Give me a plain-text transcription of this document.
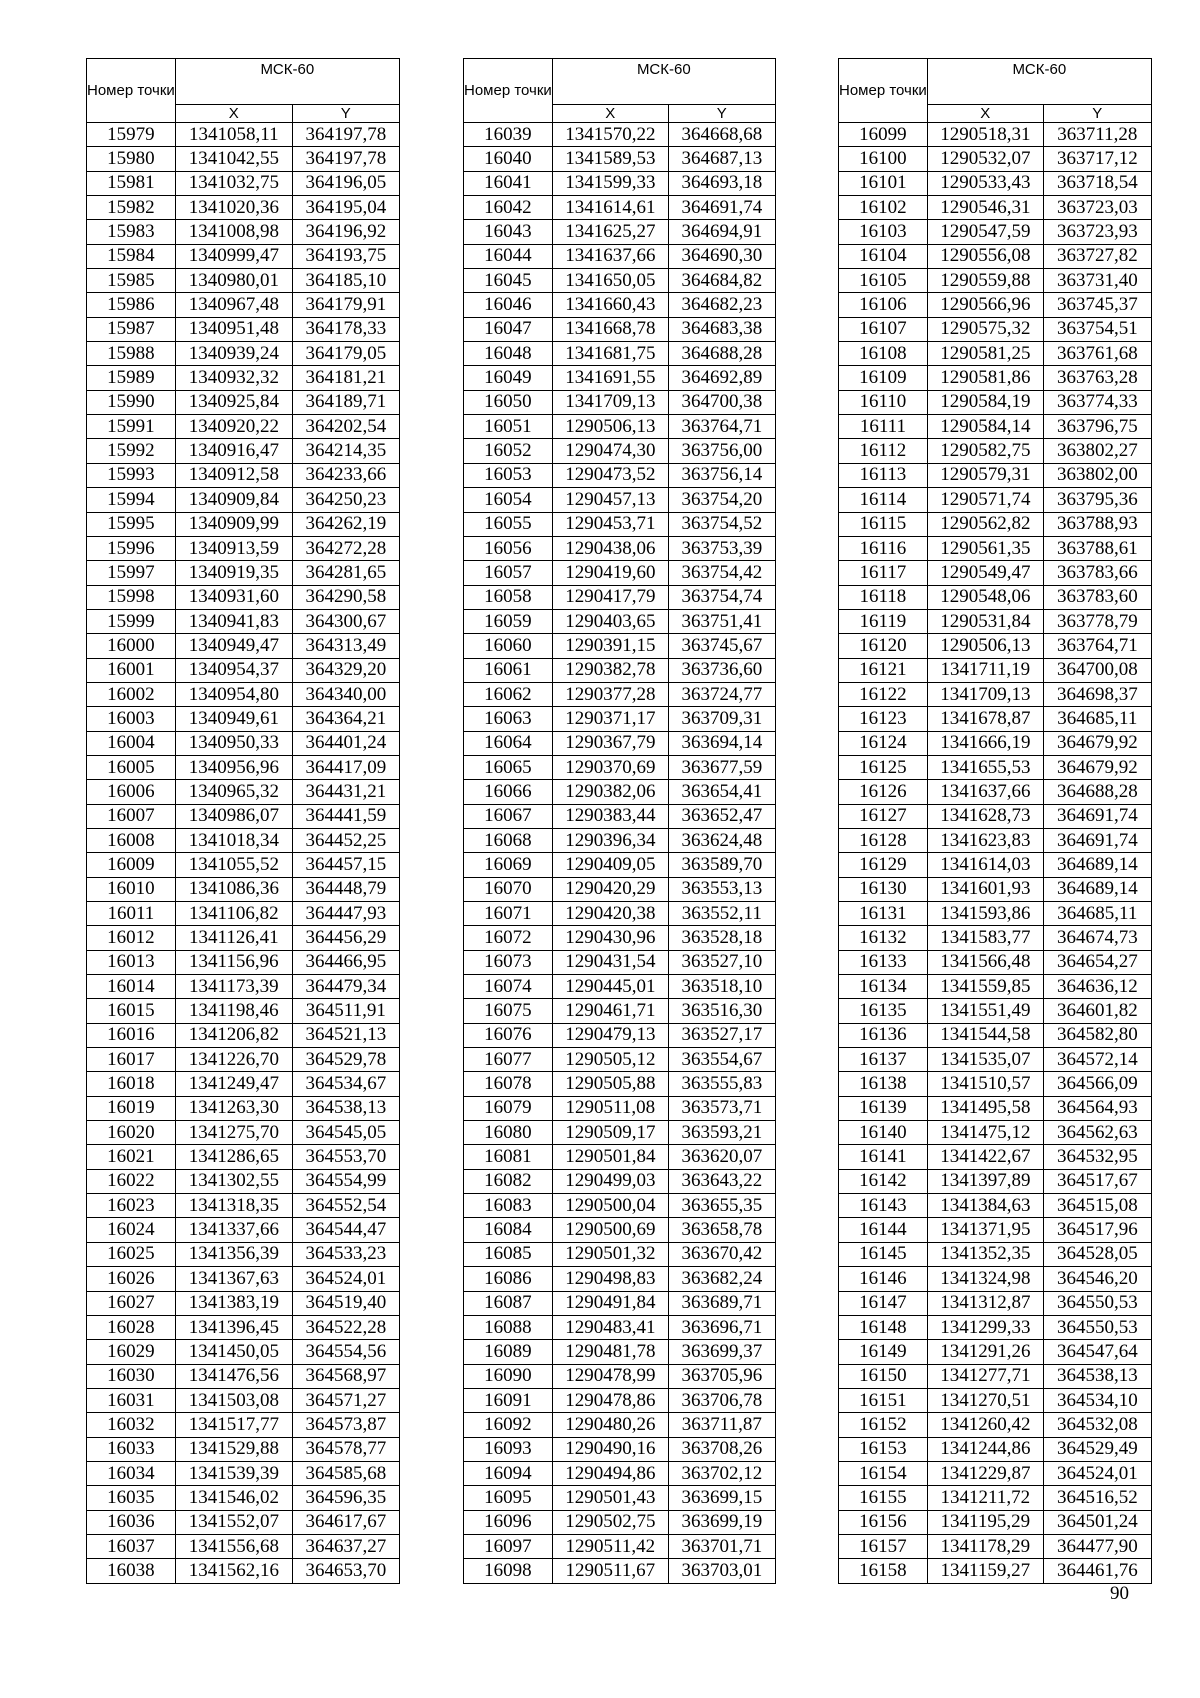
Номер точки	МСК-60	
	X	Y
15979	1341058,11	364197,78
15980	1341042,55	364197,78
15981	1341032,75	364196,05
15982	1341020,36	364195,04
15983	1341008,98	364196,92
15984	1340999,47	364193,75
15985	1340980,01	364185,10
15986	1340967,48	364179,91
15987	1340951,48	364178,33
15988	1340939,24	364179,05
15989	1340932,32	364181,21
15990	1340925,84	364189,71
15991	1340920,22	364202,54
15992	1340916,47	364214,35
15993	1340912,58	364233,66
15994	1340909,84	364250,23
15995	1340909,99	364262,19
15996	1340913,59	364272,28
15997	1340919,35	364281,65
15998	1340931,60	364290,58
15999	1340941,83	364300,67
16000	1340949,47	364313,49
16001	1340954,37	364329,20
16002	1340954,80	364340,00
16003	1340949,61	364364,21
16004	1340950,33	364401,24
16005	1340956,96	364417,09
16006	1340965,32	364431,21
16007	1340986,07	364441,59
16008	1341018,34	364452,25
16009	1341055,52	364457,15
16010	1341086,36	364448,79
16011	1341106,82	364447,93
16012	1341126,41	364456,29
16013	1341156,96	364466,95
16014	1341173,39	364479,34
16015	1341198,46	364511,91
16016	1341206,82	364521,13
16017	1341226,70	364529,78
16018	1341249,47	364534,67
16019	1341263,30	364538,13
16020	1341275,70	364545,05
16021	1341286,65	364553,70
16022	1341302,55	364554,99
16023	1341318,35	364552,54
16024	1341337,66	364544,47
16025	1341356,39	364533,23
16026	1341367,63	364524,01
16027	1341383,19	364519,40
16028	1341396,45	364522,28
16029	1341450,05	364554,56
16030	1341476,56	364568,97
16031	1341503,08	364571,27
16032	1341517,77	364573,87
16033	1341529,88	364578,77
16034	1341539,39	364585,68
16035	1341546,02	364596,35
16036	1341552,07	364617,67
16037	1341556,68	364637,27
16038	1341562,16	364653,70
Номер точки	МСК-60	
	X	Y
16039	1341570,22	364668,68
16040	1341589,53	364687,13
16041	1341599,33	364693,18
16042	1341614,61	364691,74
16043	1341625,27	364694,91
16044	1341637,66	364690,30
16045	1341650,05	364684,82
16046	1341660,43	364682,23
16047	1341668,78	364683,38
16048	1341681,75	364688,28
16049	1341691,55	364692,89
16050	1341709,13	364700,38
16051	1290506,13	363764,71
16052	1290474,30	363756,00
16053	1290473,52	363756,14
16054	1290457,13	363754,20
16055	1290453,71	363754,52
16056	1290438,06	363753,39
16057	1290419,60	363754,42
16058	1290417,79	363754,74
16059	1290403,65	363751,41
16060	1290391,15	363745,67
16061	1290382,78	363736,60
16062	1290377,28	363724,77
16063	1290371,17	363709,31
16064	1290367,79	363694,14
16065	1290370,69	363677,59
16066	1290382,06	363654,41
16067	1290383,44	363652,47
16068	1290396,34	363624,48
16069	1290409,05	363589,70
16070	1290420,29	363553,13
16071	1290420,38	363552,11
16072	1290430,96	363528,18
16073	1290431,54	363527,10
16074	1290445,01	363518,10
16075	1290461,71	363516,30
16076	1290479,13	363527,17
16077	1290505,12	363554,67
16078	1290505,88	363555,83
16079	1290511,08	363573,71
16080	1290509,17	363593,21
16081	1290501,84	363620,07
16082	1290499,03	363643,22
16083	1290500,04	363655,35
16084	1290500,69	363658,78
16085	1290501,32	363670,42
16086	1290498,83	363682,24
16087	1290491,84	363689,71
16088	1290483,41	363696,71
16089	1290481,78	363699,37
16090	1290478,99	363705,96
16091	1290478,86	363706,78
16092	1290480,26	363711,87
16093	1290490,16	363708,26
16094	1290494,86	363702,12
16095	1290501,43	363699,15
16096	1290502,75	363699,19
16097	1290511,42	363701,71
16098	1290511,67	363703,01
Номер точки	МСК-60	
	X	Y
16099	1290518,31	363711,28
16100	1290532,07	363717,12
16101	1290533,43	363718,54
16102	1290546,31	363723,03
16103	1290547,59	363723,93
16104	1290556,08	363727,82
16105	1290559,88	363731,40
16106	1290566,96	363745,37
16107	1290575,32	363754,51
16108	1290581,25	363761,68
16109	1290581,86	363763,28
16110	1290584,19	363774,33
16111	1290584,14	363796,75
16112	1290582,75	363802,27
16113	1290579,31	363802,00
16114	1290571,74	363795,36
16115	1290562,82	363788,93
16116	1290561,35	363788,61
16117	1290549,47	363783,66
16118	1290548,06	363783,60
16119	1290531,84	363778,79
16120	1290506,13	363764,71
16121	1341711,19	364700,08
16122	1341709,13	364698,37
16123	1341678,87	364685,11
16124	1341666,19	364679,92
16125	1341655,53	364679,92
16126	1341637,66	364688,28
16127	1341628,73	364691,74
16128	1341623,83	364691,74
16129	1341614,03	364689,14
16130	1341601,93	364689,14
16131	1341593,86	364685,11
16132	1341583,77	364674,73
16133	1341566,48	364654,27
16134	1341559,85	364636,12
16135	1341551,49	364601,82
16136	1341544,58	364582,80
16137	1341535,07	364572,14
16138	1341510,57	364566,09
16139	1341495,58	364564,93
16140	1341475,12	364562,63
16141	1341422,67	364532,95
16142	1341397,89	364517,67
16143	1341384,63	364515,08
16144	1341371,95	364517,96
16145	1341352,35	364528,05
16146	1341324,98	364546,20
16147	1341312,87	364550,53
16148	1341299,33	364550,53
16149	1341291,26	364547,64
16150	1341277,71	364538,13
16151	1341270,51	364534,10
16152	1341260,42	364532,08
16153	1341244,86	364529,49
16154	1341229,87	364524,01
16155	1341211,72	364516,52
16156	1341195,29	364501,24
16157	1341178,29	364477,90
16158	1341159,27	364461,76
90
